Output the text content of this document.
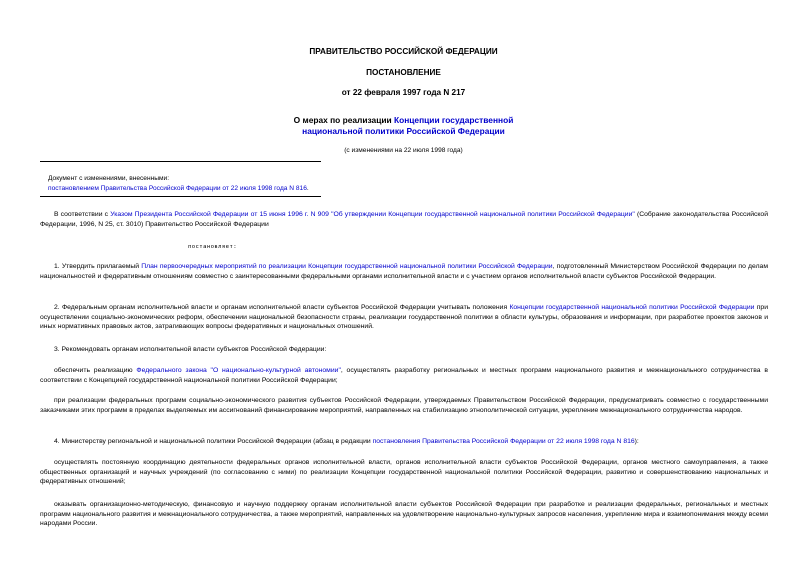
ПРАВИТЕЛЬСТВО РОССИЙСКОЙ ФЕДЕРАЦИИ
ПОСТАНОВЛЕНИЕ
от 22 февраля 1997 года N 217
О мерах по реализации Концепции государственной
национальной политики Российской Федерации
(с изменениями на 22 июля 1998 года)
Документ с изменениями, внесенными:
постановлением Правительства Российской Федерации от 22 июля 1998 года N 816.

В соответствии с Указом Президента Российской Федерации от 15 июня 1996 г. N 909 "Об утверждении Концепции государственной национальной политики Российской Федерации" (Собрание законодательства Российской Федерации, 1996, N 25, ст. 3010) Правительство Российской Федерации

постановляет:

1. Утвердить прилагаемый План первоочередных мероприятий по реализации Концепции государственной национальной политики Российской Федерации, подготовленный Министерством Российской Федерации по делам национальностей и федеративным отношениям совместно с заинтересованными федеральными органами исполнительной власти и с участием органов исполнительной власти субъектов Российской Федерации.

2. Федеральным органам исполнительной власти и органам исполнительной власти субъектов Российской Федерации учитывать положения Концепции государственной национальной политики Российской Федерации при осуществлении социально-экономических реформ, обеспечении национальной безопасности страны, реализации государственной политики в области культуры, образования и информации, при разработке проектов законов и иных нормативных правовых актов, затрагивающих вопросы федеративных и национальных отношений.

3. Рекомендовать органам исполнительной власти субъектов Российской Федерации:

обеспечить реализацию Федерального закона "О национально-культурной автономии", осуществлять разработку региональных и местных программ национального развития и межнационального сотрудничества в соответствии с Концепцией государственной национальной политики Российской Федерации;

при реализации федеральных программ социально-экономического развития субъектов Российской Федерации, утверждаемых Правительством Российской Федерации, предусматривать совместно с государственными заказчиками этих программ в пределах выделяемых им ассигнований финансирование мероприятий, направленных на стабилизацию этнополитической ситуации, укрепление межнационального сотрудничества народов.

4. Министерству региональной и национальной политики Российской Федерации (абзац в редакции постановления Правительства Российской Федерации от 22 июля 1998 года N 816):

осуществлять постоянную координацию деятельности федеральных органов исполнительной власти, органов исполнительной власти субъектов Российской Федерации, органов местного самоуправления, а также общественных организаций и научных учреждений (по согласованию с ними) по реализации Концепции государственной национальной политики Российской Федерации, развитию и совершенствованию национальных и федеративных отношений;

оказывать организационно-методическую, финансовую и научную поддержку органам исполнительной власти субъектов Российской Федерации при разработке и реализации федеральных, региональных и местных программ национального развития и межнационального сотрудничества, а также мероприятий, направленных на удовлетворение национально-культурных запросов населения, укрепление мира и взаимопонимания между всеми народами России.
